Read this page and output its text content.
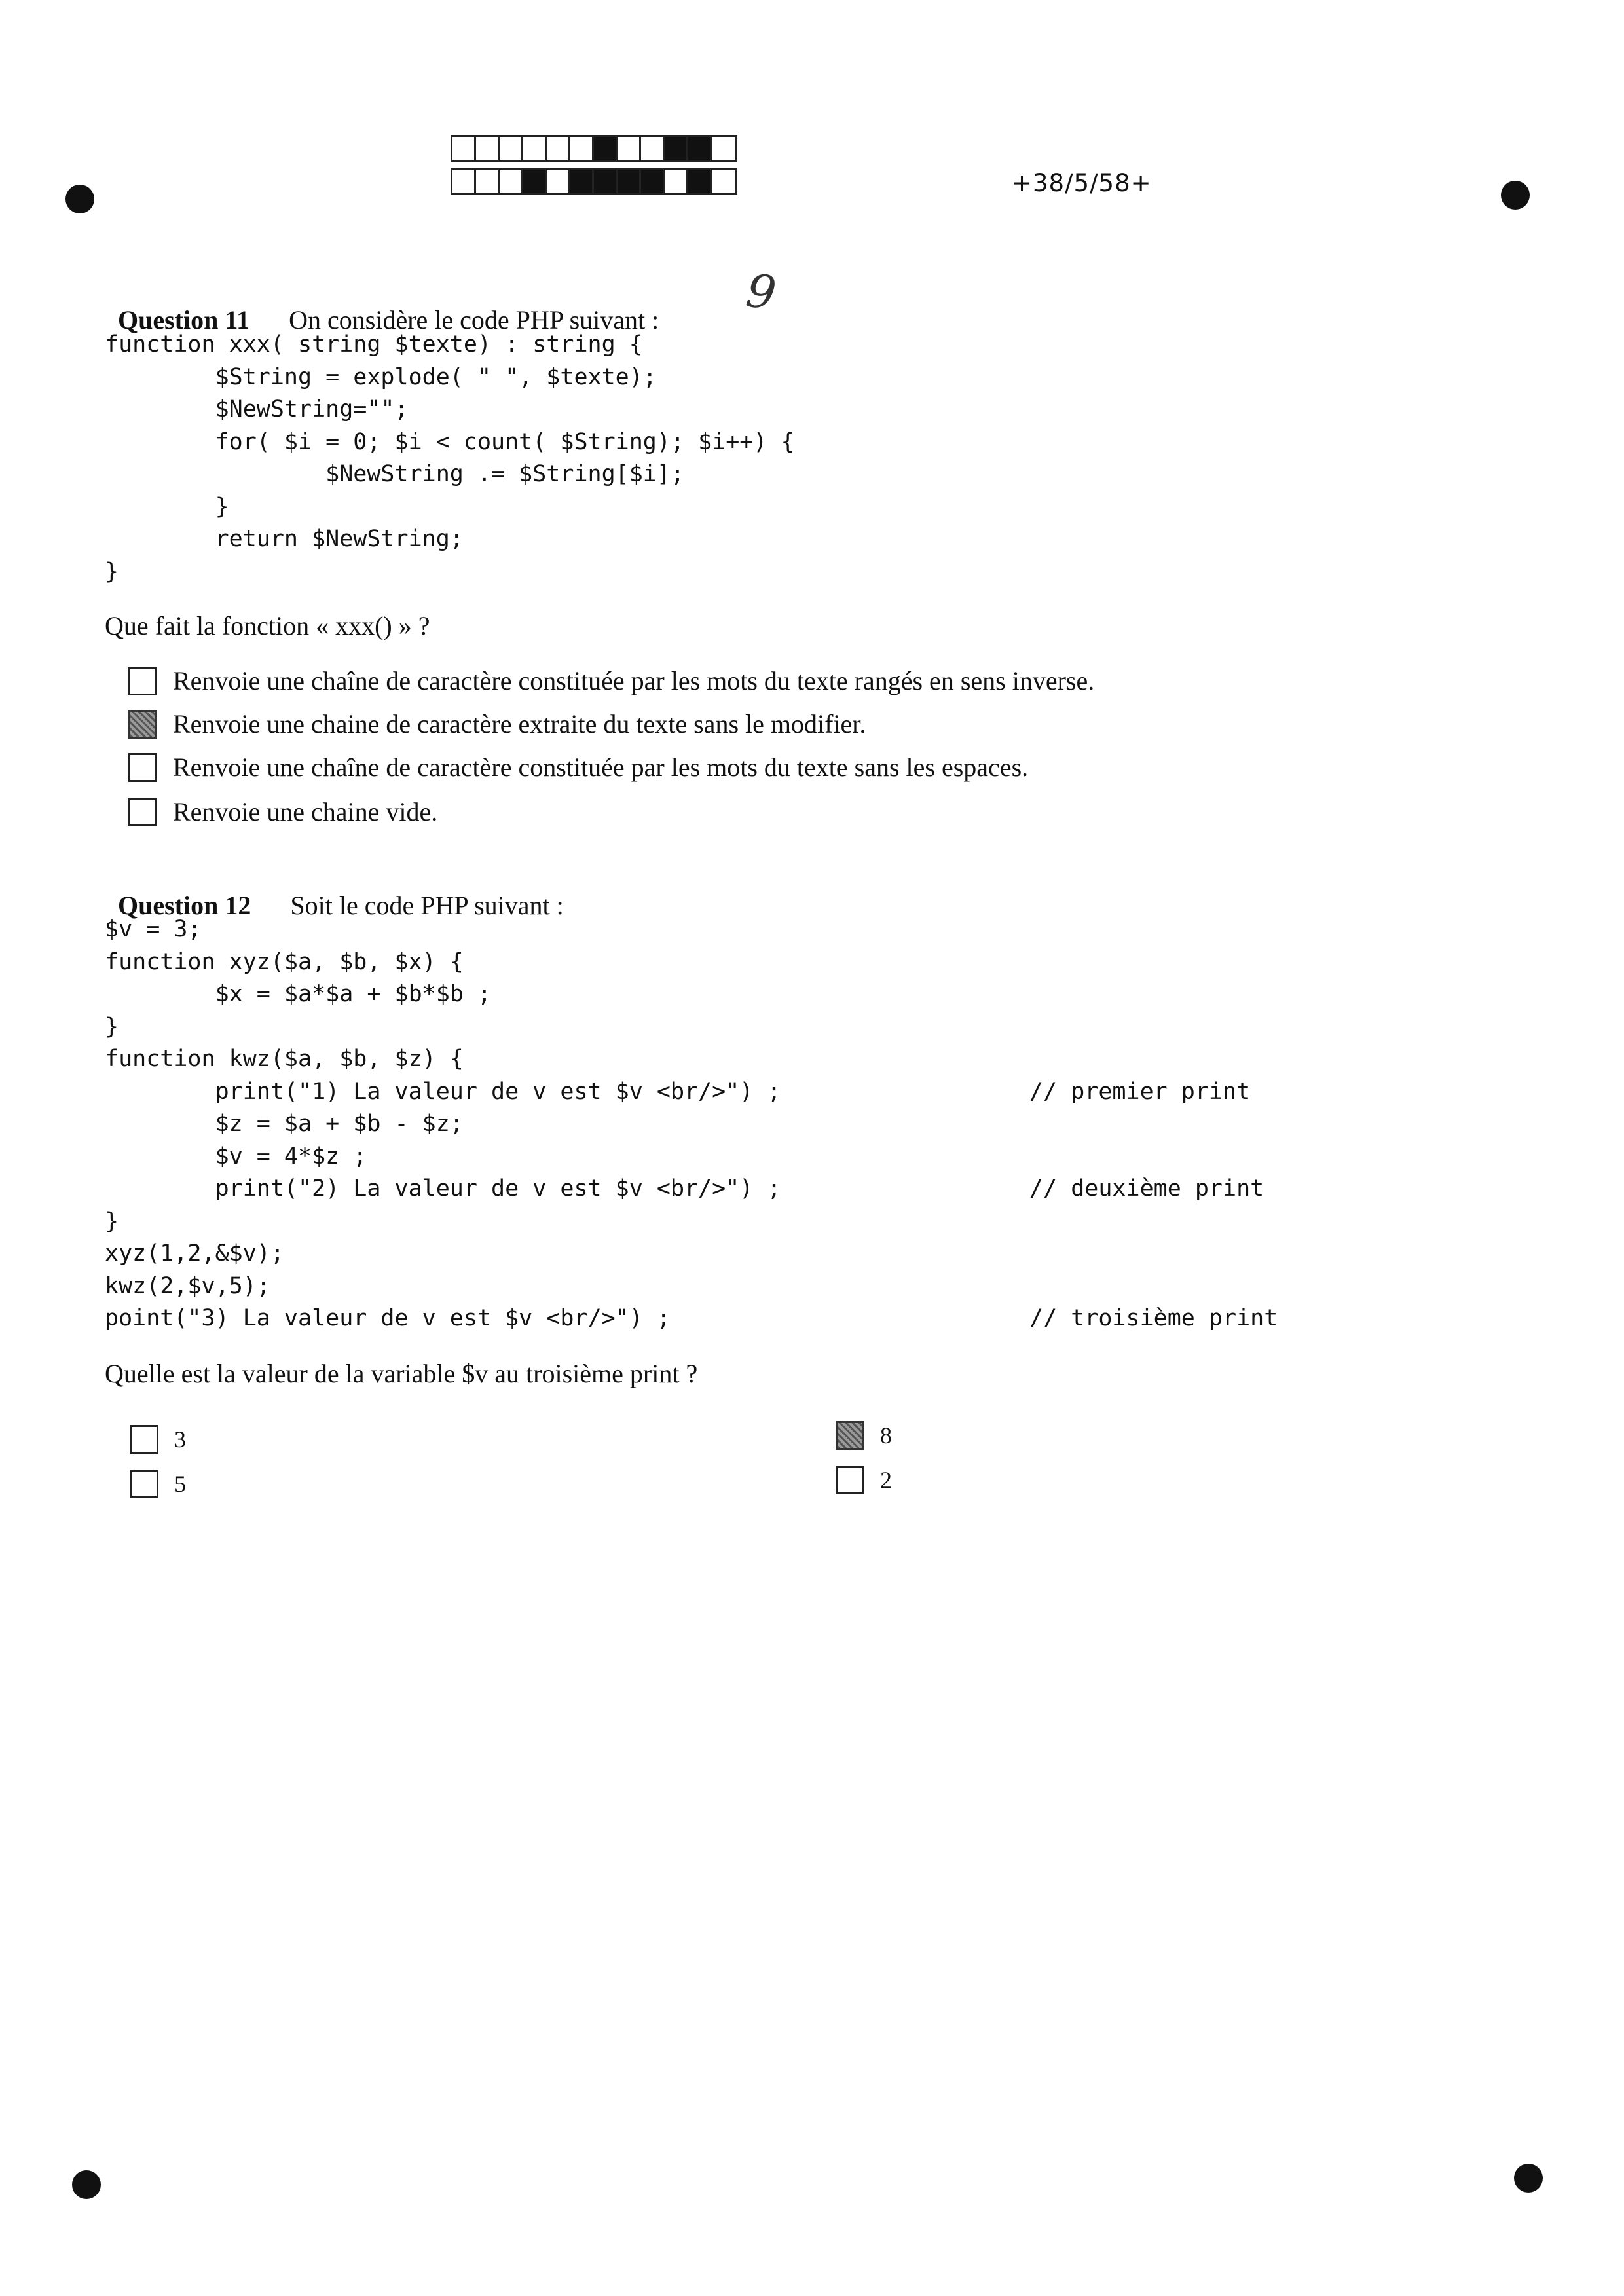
+38/5/58+
9

Question 11 On considère le code PHP suivant :

function xxx( string $texte) : string {
$String = explode( " ", $texte);
$NewString="";
for( $i = 0; $i < count( $String); $i++) {
$NewString .= $String[$i];
}
return $NewString;
}
Que fait la fonction « xxx() » ?
Renvoie une chaîne de caractère constituée par les mots du texte rangés en sens inverse.
Renvoie une chaine de caractère extraite du texte sans le modifier.
Renvoie une chaîne de caractère constituée par les mots du texte sans les espaces.
Renvoie une chaine vide.

Question 12 Soit le code PHP suivant :

$v = 3;
function xyz($a, $b, $x) {
$x = $a*$a + $b*$b ;
}
function kwz($a, $b, $z) {
print("1) La valeur de v est $v <br/>") ;	// premier print
$z = $a + $b - $z;
$v = 4*$z ;
print("2) La valeur de v est $v <br/>") ;	// deuxième print
}
xyz(1,2,&$v);
kwz(2,$v,5);
point("3) La valeur de v est $v <br/>") ;	// troisième print
Quelle est la valeur de la variable $v au troisième print ?
3
5
8
2
